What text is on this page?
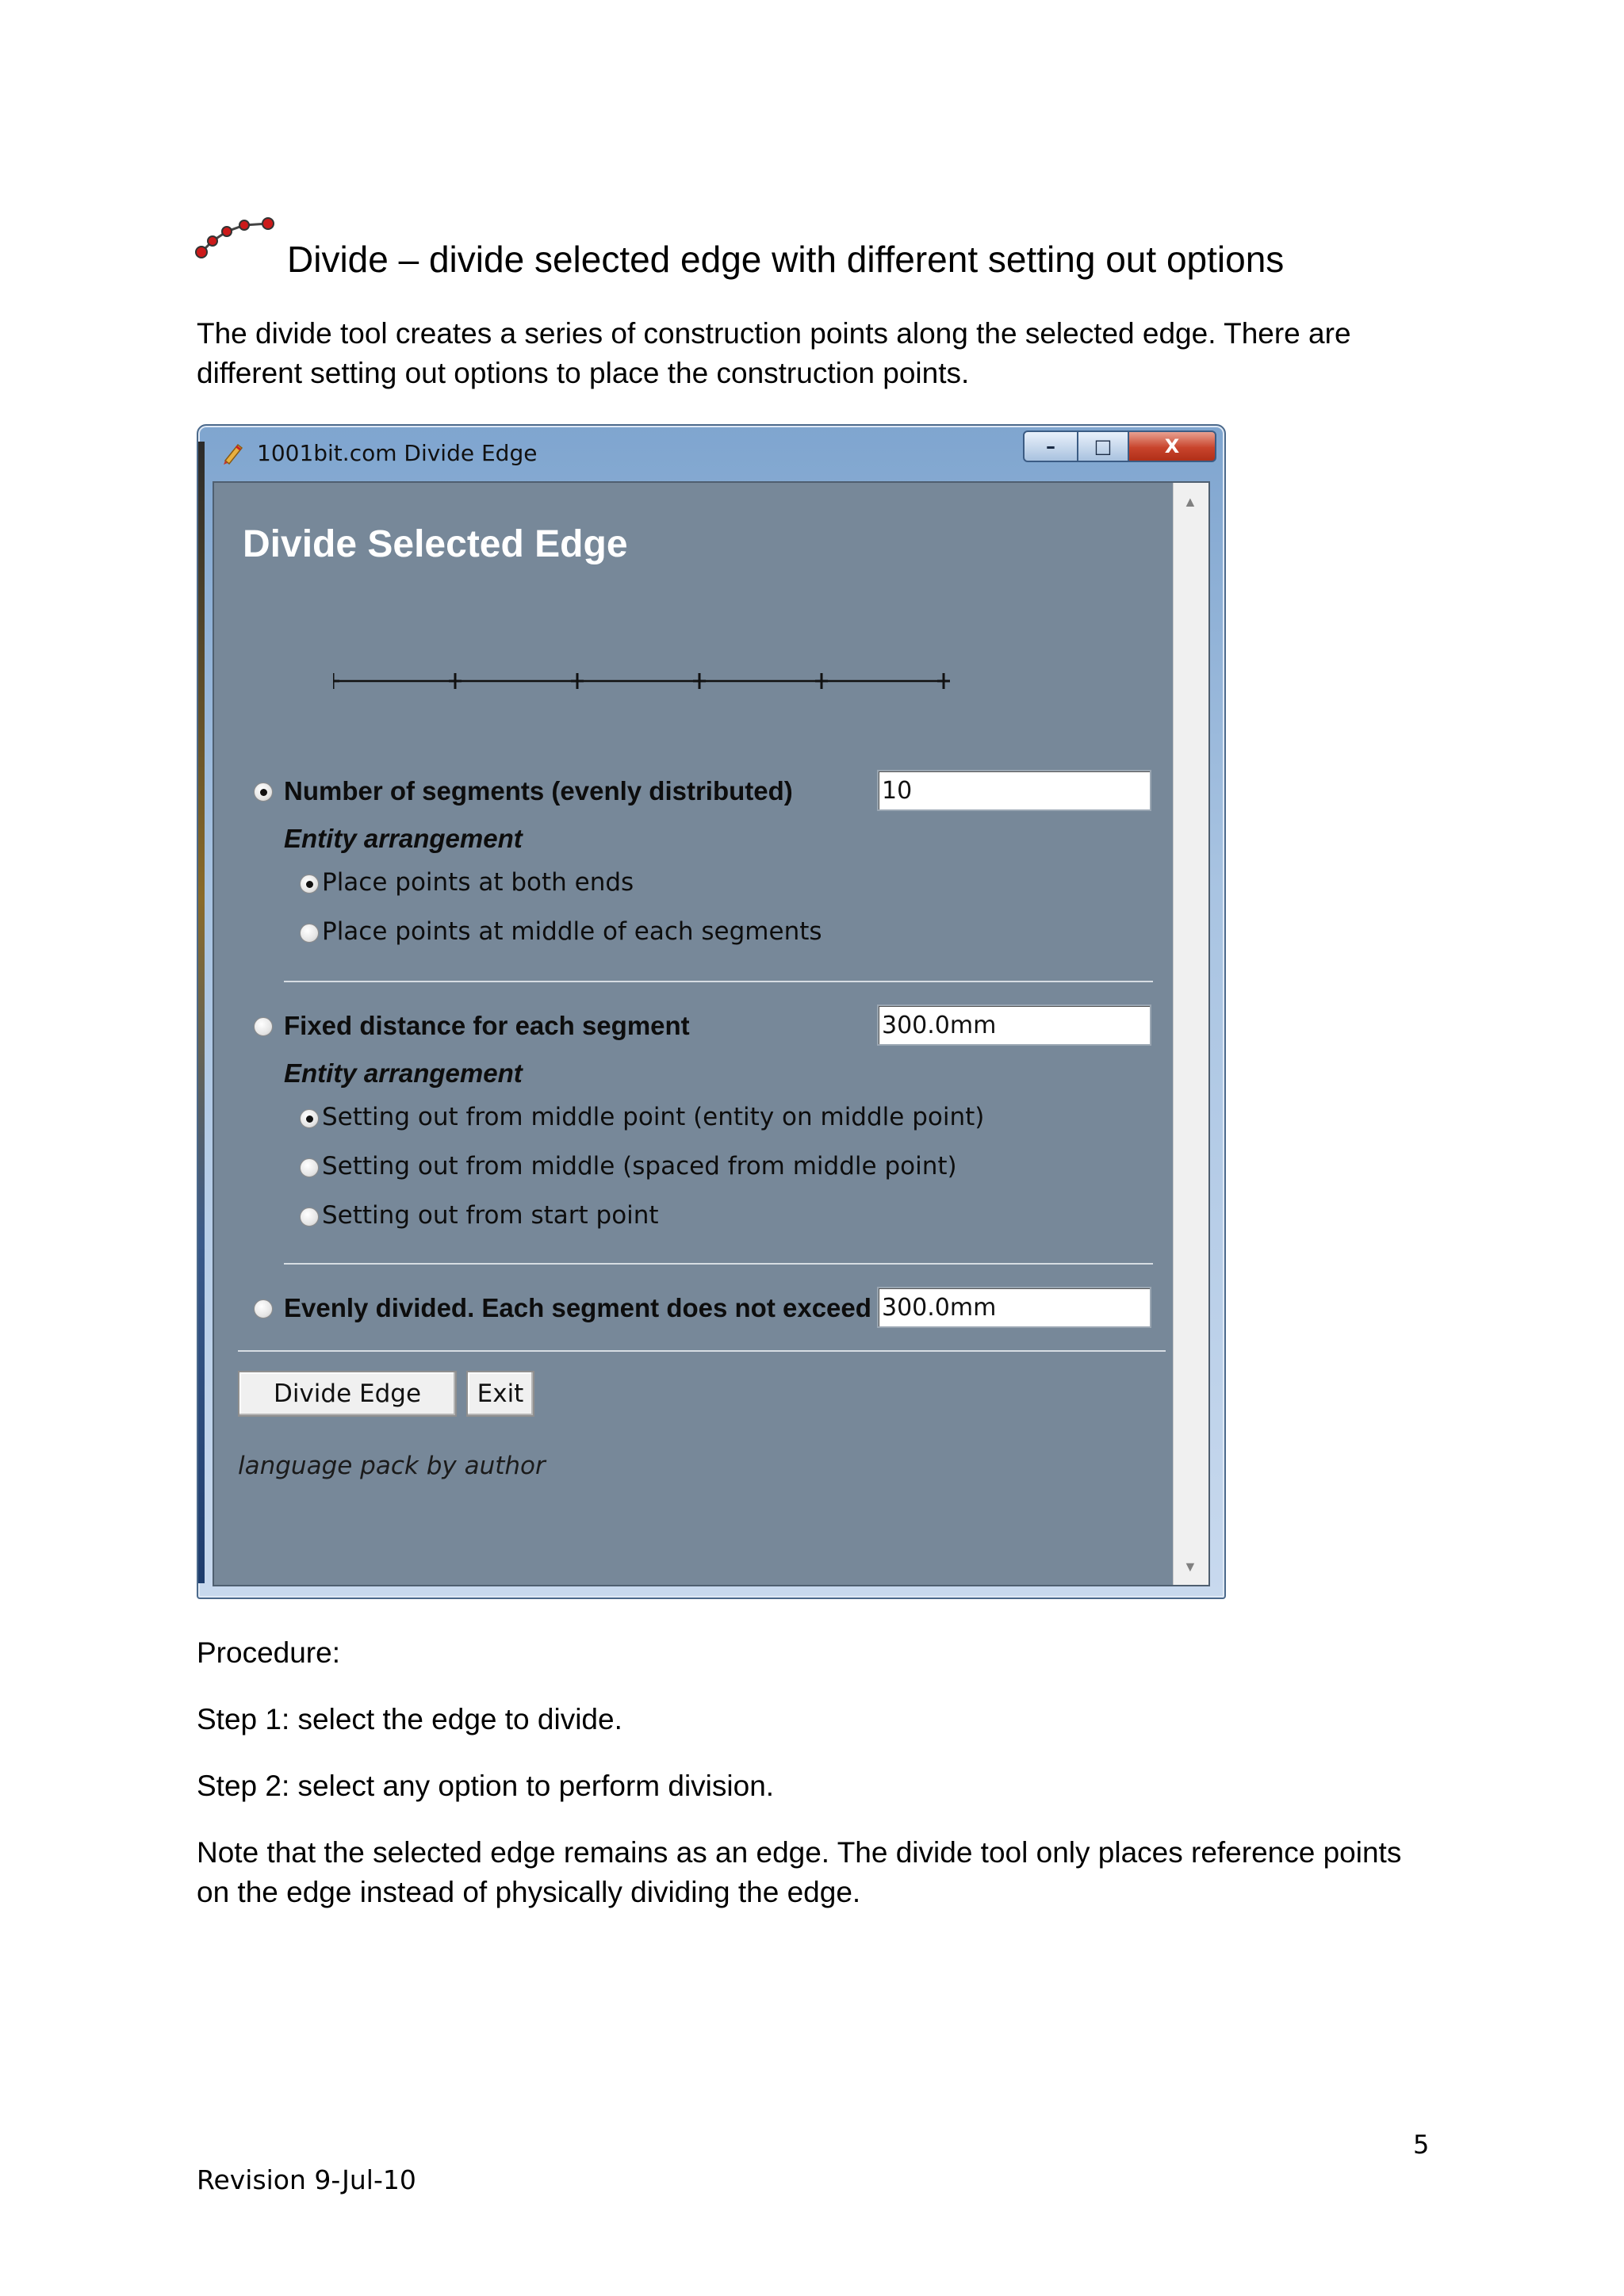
Divide – divide selected edge with different setting out options
The divide tool creates a series of construction points along the selected edge. There are different setting out options to place the construction points.
1001bit.com Divide Edge	–	□	X
▲
▼
Divide Selected Edge
Number of segments (evenly distributed)	10
Entity arrangement
Place points at both ends
Place points at middle of each segments
Fixed distance for each segment	300.0mm
Entity arrangement
Setting out from middle point (entity on middle point)
Setting out from middle (spaced from middle point)
Setting out from start point
Evenly divided. Each segment does not exceed 300.0mm
Divide Edge	Exit
language pack by author
Procedure:
Step 1: select the edge to divide.
Step 2: select any option to perform division.
Note that the selected edge remains as an edge. The divide tool only places reference points on the edge instead of physically dividing the edge.
5
Revision 9-Jul-10
